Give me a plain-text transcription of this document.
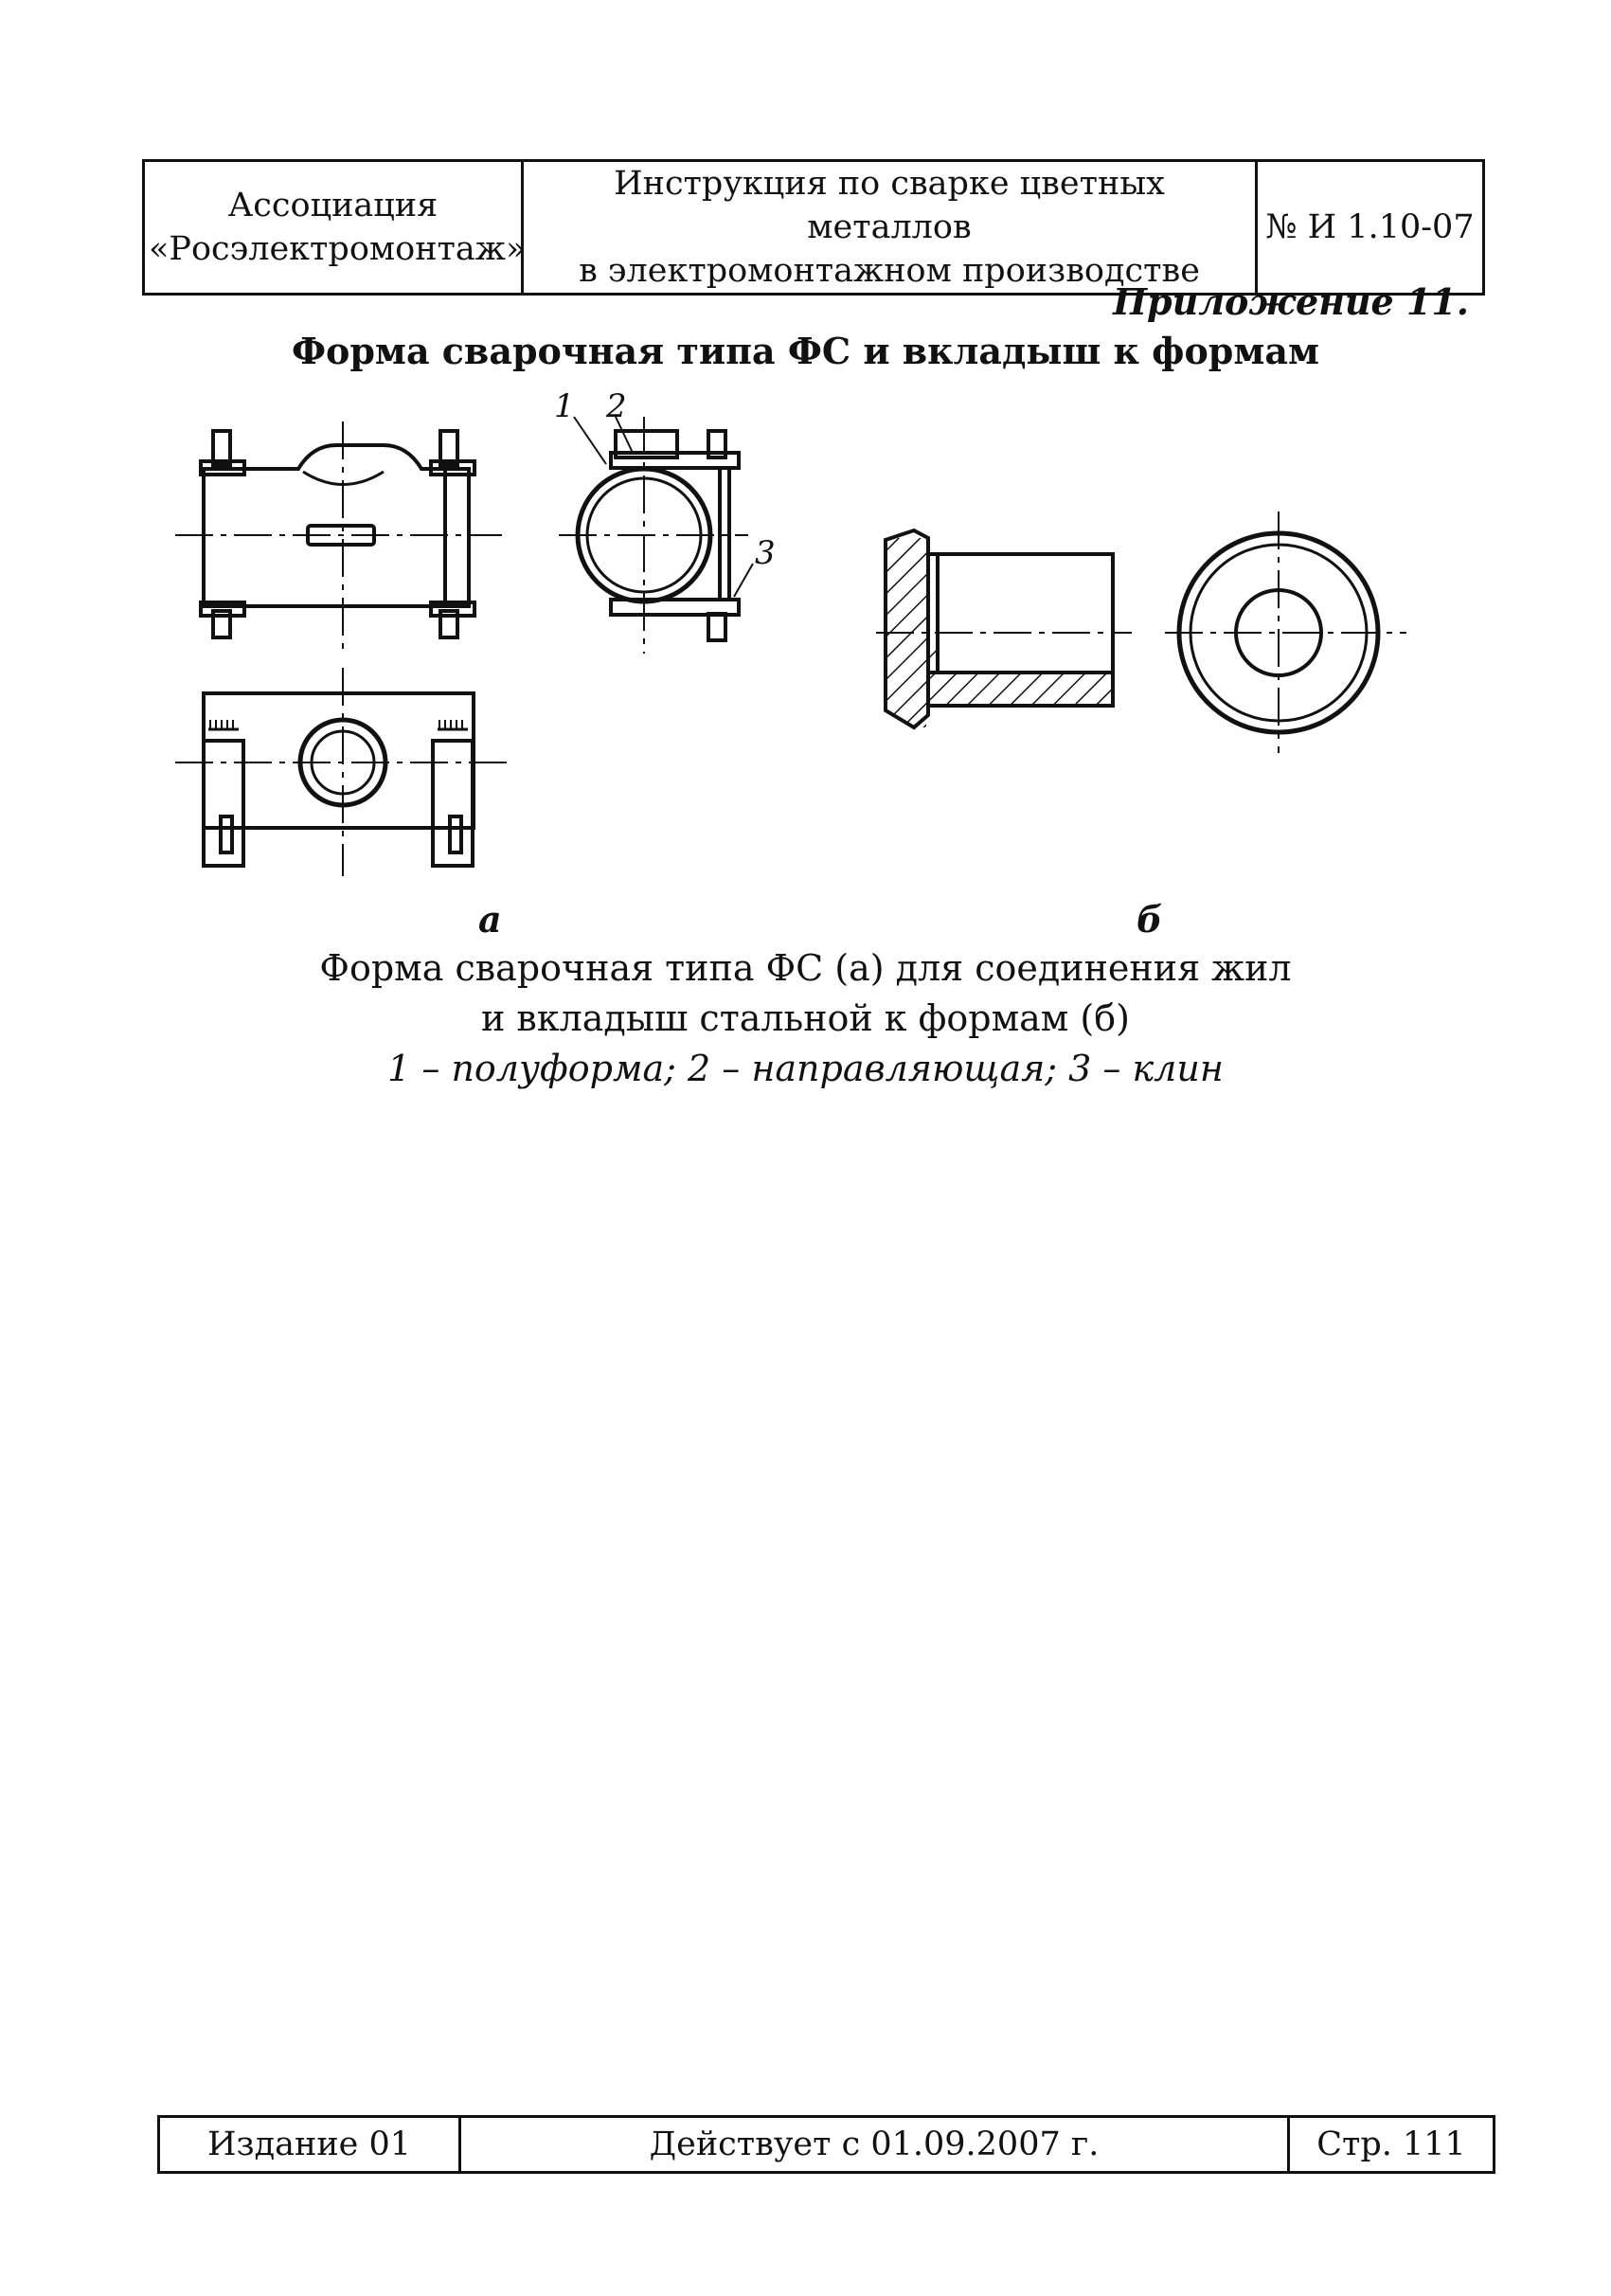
Ассоциация
«Росэлектромонтаж»

Инструкция по сварке цветных металлов
в электромонтажном производстве
	№ И 1.10-07
Приложение 11.
Форма сварочная типа ФС и вкладыш к формам
1 2
3
а	б
Форма сварочная типа ФС (а) для соединения жил
и вкладыш стальной к формам (б)
1 – полуформа; 2 – направляющая; 3 – клин
Издание 01	Действует с 01.09.2007 г.	Стр. 111
